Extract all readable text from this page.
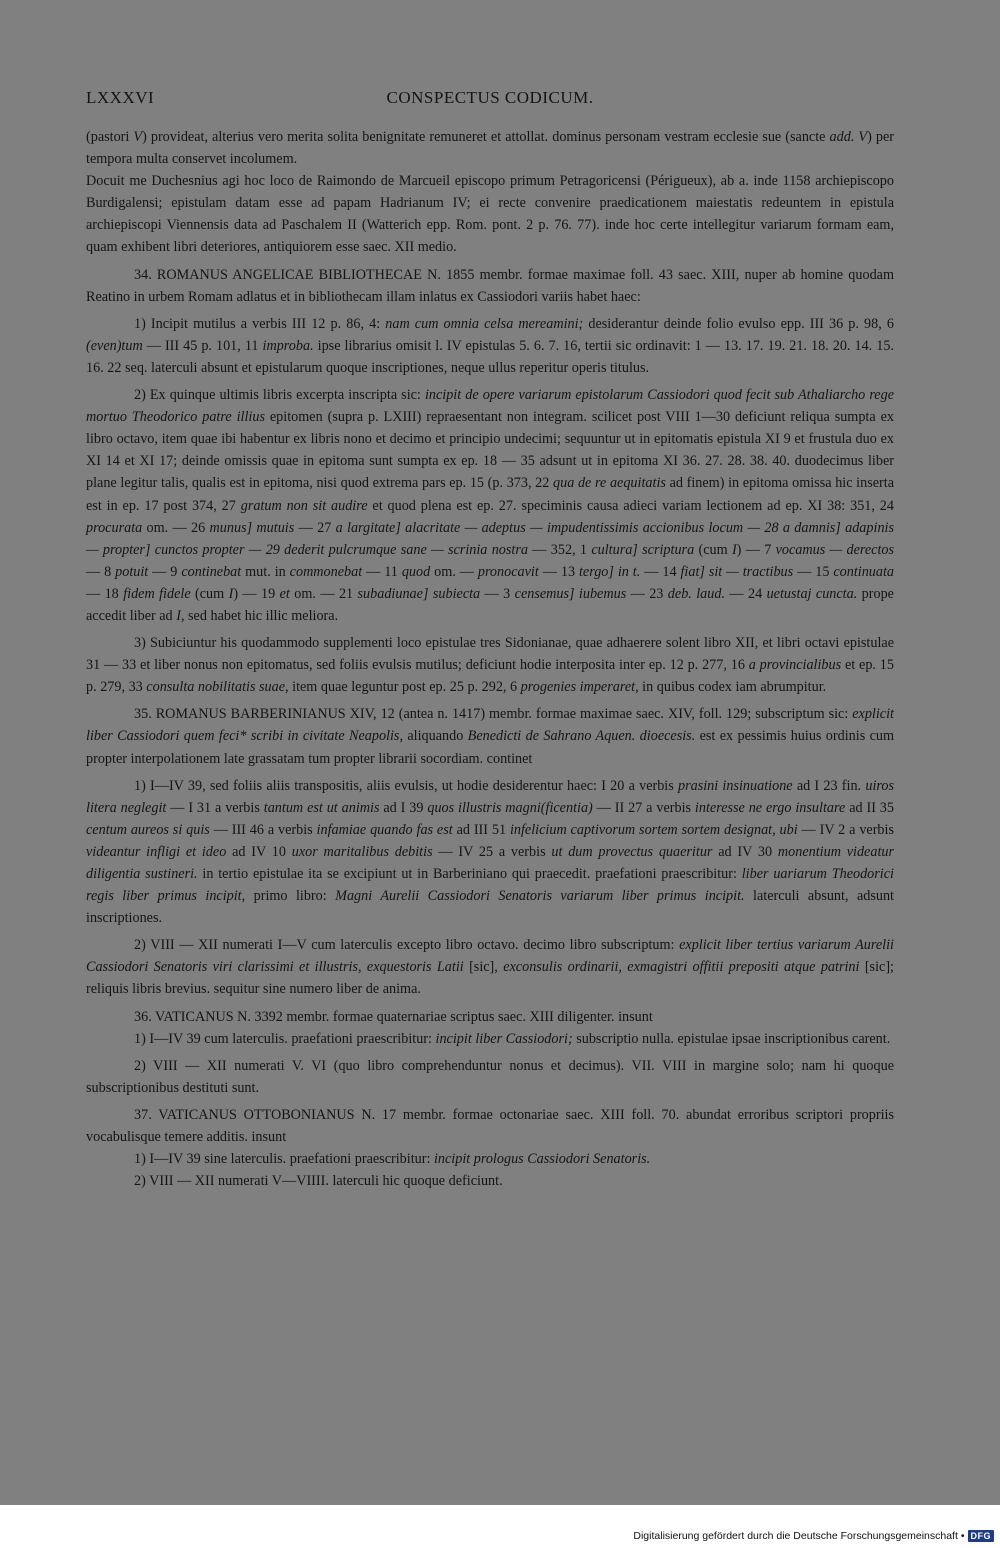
LXXXVI	CONSPECTUS CODICUM.

(pastori V) provideat, alterius vero merita solita benignitate remuneret et attollat. dominus personam vestram ecclesie sue (sancte add. V) per tempora multa conservet incolumem.

Docuit me Duchesnius agi hoc loco de Raimondo de Marcueil episcopo primum Petragoricensi (Périgueux), ab a. inde 1158 archiepiscopo Burdigalensi; epistulam datam esse ad papam Hadrianum IV; ei recte convenire praedicationem maiestatis redeuntem in epistula archiepiscopi Viennensis data ad Paschalem II (Watterich epp. Rom. pont. 2 p. 76. 77). inde hoc certe intellegitur variarum formam eam, quam exhibent libri deteriores, antiquiorem esse saec. XII medio.

34. ROMANUS ANGELICAE BIBLIOTHECAE N. 1855 membr. formae maximae foll. 43 saec. XIII, nuper ab homine quodam Reatino in urbem Romam adlatus et in bibliothecam illam inlatus ex Cassiodori variis habet haec:

1) Incipit mutilus a verbis III 12 p. 86, 4: nam cum omnia celsa mereamini; desiderantur deinde folio evulso epp. III 36 p. 98, 6 (even)tum — III 45 p. 101, 11 improba. ipse librarius omisit l. IV epistulas 5. 6. 7. 16, tertii sic ordinavit: 1 — 13. 17. 19. 21. 18. 20. 14. 15. 16. 22 seq. laterculi absunt et epistularum quoque inscriptiones, neque ullus reperitur operis titulus.

2) Ex quinque ultimis libris excerpta inscripta sic: incipit de opere variarum epistolarum Cassiodori quod fecit sub Athaliarcho rege mortuo Theodorico patre illius epitomen (supra p. LXIII) repraesentant non integram. scilicet post VIII 1—30 deficiunt reliqua sumpta ex libro octavo, item quae ibi habentur ex libris nono et decimo et principio undecimi; sequuntur ut in epitomatis epistula XI 9 et frustula duo ex XI 14 et XI 17; deinde omissis quae in epitoma sunt sumpta ex ep. 18 — 35 adsunt ut in epitoma XI 36. 27. 28. 38. 40. duodecimus liber plane legitur talis, qualis est in epitoma, nisi quod extrema pars ep. 15 (p. 373, 22 qua de re aequitatis ad finem) in epitoma omissa hic inserta est in ep. 17 post 374, 27 gratum non sit audire et quod plena est ep. 27. speciminis causa adieci variam lectionem ad ep. XI 38: 351, 24 procurata om. — 26 munus] mutuis — 27 a largitate] alacritate — adeptus — impudentissimis accionibus locum — 28 a damnis] adapinis — propter] cunctos propter — 29 dederit pulcrumque sane — scrinia nostra — 352, 1 cultura] scriptura (cum I) — 7 vocamus — derectos — 8 potuit — 9 continebat mut. in commonebat — 11 quod om. — pronocavit — 13 tergo] in t. — 14 fiat] sit — tractibus — 15 continuata — 18 fidem fidele (cum I) — 19 et om. — 21 subadiunae] subiecta — 3 censemus] iubemus — 23 deb. laud. — 24 uetustaj cuncta. prope accedit liber ad I, sed habet hic illic meliora.

3) Subiciuntur his quodammodo supplementi loco epistulae tres Sidonianae, quae adhaerere solent libro XII, et libri octavi epistulae 31 — 33 et liber nonus non epitomatus, sed foliis evulsis mutilus; deficiunt hodie interposita inter ep. 12 p. 277, 16 a provincialibus et ep. 15 p. 279, 33 consulta nobilitatis suae, item quae leguntur post ep. 25 p. 292, 6 progenies imperaret, in quibus codex iam abrumpitur.

35. ROMANUS BARBERINIANUS XIV, 12 (antea n. 1417) membr. formae maximae saec. XIV, foll. 129; subscriptum sic: explicit liber Cassiodori quem feci* scribi in civitate Neapolis, aliquando Benedicti de Sahrano Aquen. dioecesis. est ex pessimis huius ordinis cum propter interpolationem late grassatam tum propter librarii socordiam. continet

1) I—IV 39, sed foliis aliis transpositis, aliis evulsis, ut hodie desiderentur haec: I 20 a verbis prasini insinuatione ad I 23 fin. uiros litera neglegit — I 31 a verbis tantum est ut animis ad I 39 quos illustris magni(ficentia) — II 27 a verbis interesse ne ergo insultare ad II 35 centum aureos si quis — III 46 a verbis infamiae quando fas est ad III 51 infelicium captivorum sortem sortem designat, ubi — IV 2 a verbis videantur infligi et ideo ad IV 10 uxor maritalibus debitis — IV 25 a verbis ut dum provectus quaeritur ad IV 30 monentium videatur diligentia sustineri. in tertio epistulae ita se excipiunt ut in Barberiniano qui praecedit. praefationi praescribitur: liber uariarum Theodorici regis liber primus incipit, primo libro: Magni Aurelii Cassiodori Senatoris variarum liber primus incipit. laterculi absunt, adsunt inscriptiones.

2) VIII — XII numerati I—V cum laterculis excepto libro octavo. decimo libro subscriptum: explicit liber tertius variarum Aurelii Cassiodori Senatoris viri clarissimi et illustris, exquestoris Latii [sic], exconsulis ordinarii, exmagistri offitii prepositi atque patrini [sic]; reliquis libris brevius. sequitur sine numero liber de anima.

36. VATICANUS N. 3392 membr. formae quaternariae scriptus saec. XIII diligenter. insunt

1) I—IV 39 cum laterculis. praefationi praescribitur: incipit liber Cassiodori; subscriptio nulla. epistulae ipsae inscriptionibus carent.

2) VIII — XII numerati V. VI (quo libro comprehenduntur nonus et decimus). VII. VIII in margine solo; nam hi quoque subscriptionibus destituti sunt.

37. VATICANUS OTTOBONIANUS N. 17 membr. formae octonariae saec. XIII foll. 70. abundat erroribus scriptori propriis vocabulisque temere additis. insunt

1) I—IV 39 sine laterculis. praefationi praescribitur: incipit prologus Cassiodori Senatoris.

2) VIII — XII numerati V—VIIII. laterculi hic quoque deficiunt.

Digitalisierung gefördert durch die Deutsche Forschungsgemeinschaft • DFG
